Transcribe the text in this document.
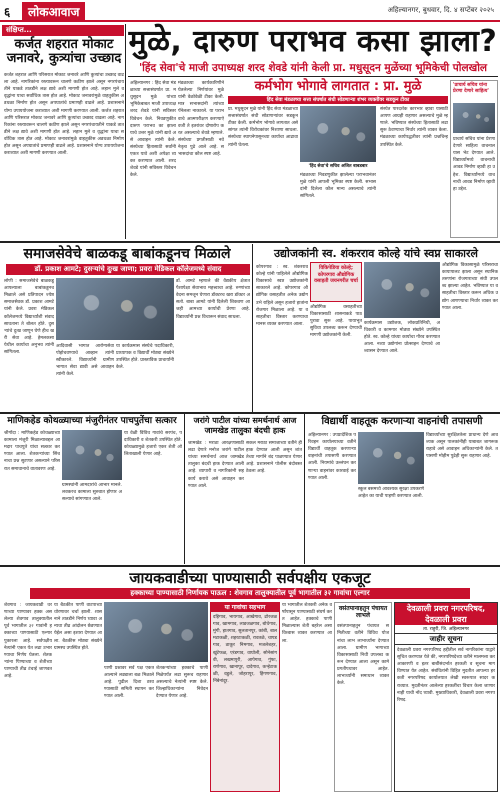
६	लोकआवाज	अहिल्यानगर, बुधवार, दि. ४ सप्टेंबर २०२५
संक्षिप्त...
कर्जत शहरात मोकाट जनावरे, कुत्र्यांचा उच्छाद
कर्जत शहरात आणि परिसरात मोकाट जनावरे आणि कुत्र्यांचा उच्छाद वाढला आहे. नागरिकांना रस्त्यावरून चालणे कठीण झाले असून नगरपंचायतीने याकडे तातडीने लक्ष द्यावे अशी मागणी होत आहे. लहान मुले व वृद्धांना याचा सर्वाधिक त्रास होत आहे. मोकाट जनावरांमुळे वाहतुकीस अडथळा निर्माण होत असून अपघातांचे प्रमाणही वाढले आहे. प्रशासनाने योग्य उपाययोजना कराव्यात अशी मागणी करण्यात आली. कर्जत शहरात आणि परिसरात मोकाट जनावरे आणि कुत्र्यांचा उच्छाद वाढला आहे. नागरिकांना रस्त्यावरून चालणे कठीण झाले असून नगरपंचायतीने याकडे तातडीने लक्ष द्यावे अशी मागणी होत आहे. लहान मुले व वृद्धांना याचा सर्वाधिक त्रास होत आहे. मोकाट जनावरांमुळे वाहतुकीस अडथळा निर्माण होत असून अपघातांचे प्रमाणही वाढले आहे. प्रशासनाने योग्य उपाययोजना कराव्यात अशी मागणी करण्यात आली.
मुळे, दारुण पराभव कसा झाला?
'हिंद सेवा'चे माजी उपाध्यक्ष शरद शेवडे यांनी केली प्रा. मधुसूदन मुळेंच्या भूमिकेची पोलखोल
अहिल्यानगर : हिंद सेवा मंडळाच्या सत्तासंघर्षात प्रा. मधुसूदन मुळे यांच्या भूमिकेबाबत माजी उपाध्यक्ष शरद शेवडे यांनी सविस्तर विवेचन केले. निवडणुकीत दारुण पराभव का झाला याचे उत्तर मुळे यांनी द्यावे असे आवाहन त्यांनी केले. संस्थेच्या हितासाठी सर्वांनी एकत्र यावे अशी अपेक्षा व्यक्त करण्यात आली. शरद शेवडे यांनी सविस्तर विवेचन केले.
मंडळाच्या कार्यकारिणीने घेतलेल्या निर्णयांवर मुळे यांनी वेळोवेळी टीका केली. मात्र सभासदांनी त्यांच्या पॅनेलला नाकारले. या पराभवाचे आत्मपरीक्षण करण्याऐवजी ते इतरांवर दोषारोप करत असल्याचे शेवडे म्हणाले. संस्थेच्या प्रगतीसाठी नवे नेतृत्व पुढे आले आहे. सभासदांचा कौल स्पष्ट आहे.
कर्मभोग भोगावे लागतात : प्रा. मुळे
हिंद सेवा मंडळाच्या सत्ता संघर्षात संधी सोडणाऱ्या शंभर व्यक्तींवर सडकून टीका
प्रा. मधुसूदन मुळे यांनी हिंद सेवा मंडळाच्या सत्तासंघर्षात संधी सोडणाऱ्यांवर सडकून टीका केली. कर्मभोग भोगावे लागतात असे सांगत त्यांनी विरोधकांवर निशाणा साधला. संस्थेच्या स्थापनेपासूनच्या कार्याचा आढावा त्यांनी घेतला.
'हिंद सेवा'चे सचिव अजित बाबडबार
मंडळाच्या निवडणुकीत झालेल्या पराभवानंतर मुळे यांनी आपली भूमिका स्पष्ट केली. सभासदांनी दिलेला कौल मान्य असल्याचे त्यांनी सांगितले.
संस्थेत पारदर्शक कारभार व्हावा यासाठी आपण आग्रही राहणार असल्याचे मुळे म्हणाले. भविष्यात संस्थेच्या हितासाठी लढा सुरू ठेवण्याचा निर्धार त्यांनी व्यक्त केला. मंडळाच्या कार्यपद्धतीवर त्यांनी प्रश्नचिन्ह उपस्थित केले.
'प्राचार्य सचिव यांना प्रेरणा देणारे साहित्य'
प्राचार्य सचिव यांना प्रेरणा देणारे साहित्य वाचनालयास भेट देण्यात आले. विद्यार्थ्यांमध्ये वाचनाची आवड निर्माण व्हावी हा उद्देश. विद्यार्थ्यांमध्ये वाचनाची आवड निर्माण व्हावी हा उद्देश.
समाजसेवेचे बाळकडू बाबांकडूनच मिळाले
डॉ. प्रकाश आमटे; दुसऱ्यांचे दुःख जाणा; प्रवरा मेडिकल कॉलेजमध्ये संवाद
लोणी : समाजसेवेचे बाळकडू आपल्याला बाबांकडूनच मिळाले असे प्रतिपादन ज्येष्ठ समाजसेवक डॉ. प्रकाश आमटे यांनी केले. प्रवरा मेडिकल कॉलेजमध्ये विद्यार्थ्यांशी संवाद साधताना ते बोलत होते. दुसऱ्यांचे दुःख जाणून घेणे हीच खरी सेवा आहे. हेमलकसा येथील कार्याचा अनुभव त्यांनी सांगितला.
आदिवासी भागात आरोग्यसेवा पोहोचवण्याचे आव्हान त्यांनी स्वीकारले. विद्यार्थ्यांनी ग्रामीण भागात सेवा द्यावी असे आवाहन त्यांनी केले.
या कार्यक्रमास संस्थेचे पदाधिकारी, प्राध्यापक व विद्यार्थी मोठ्या संख्येने उपस्थित होते. प्रास्ताविक प्राचार्यांनी केले.
डॉ. आमटे म्हणाले की वैद्यकीय क्षेत्रात पैशापेक्षा सेवाभाव महत्त्वाचा आहे. रुग्णांच्या वेदना समजून घेणारा डॉक्टरच खरा डॉक्टर असतो. बाबा आमटे यांनी दिलेली शिकवण आजही आमच्या कार्याची प्रेरणा आहे. विद्यार्थ्यांनी प्रश्न विचारून संवाद साधला.
उद्योजकांनी स्व. शंकरराव कोल्हे यांचे स्वप्न साकारले
कोपरगाव : स्व. शंकरराव कोल्हे यांनी पाहिलेले औद्योगिक विकासाचे स्वप्न उद्योजकांनी साकारले आहे. कोपरगाव औद्योगिक वसाहतीत अनेक उद्योग उभे राहिले असून हजारो हातांना रोजगार मिळाला आहे. या वसाहतीचा विस्तार करण्याचा मानस व्यक्त करण्यात आला.
विकिपेडिया कोल्हे; कोपरगाव औद्योगिक वसाहती जयनगरीत चर्चा
औद्योगिक वसाहतीच्या विकासासाठी शासनाकडे पाठपुरावा सुरू आहे. पायाभूत सुविधा उपलब्ध करून देण्याची मागणी उद्योजकांनी केली.
कार्यक्रमास उद्योजक, लोकप्रतिनिधी, अधिकारी व कामगार मोठ्या संख्येने उपस्थित होते. स्व. कोल्हे यांच्या कार्याचा गौरव करण्यात आला. नव्या उद्योगांना प्रोत्साहन देण्याचे आश्वासन देण्यात आले.
औद्योगिक विकासामुळे परिसराचा कायापालट झाला असून स्थानिक तरुणांना रोजगाराच्या संधी उपलब्ध झाल्या आहेत. भविष्यात या वसाहतीचा विस्तार करून अधिक उद्योग आणण्याचा निर्धार व्यक्त करण्यात आला.
माणिकहेड कोथळ्याच्या मंजुरीनंतर पाचपुतेंचा सत्कार
श्रीगोंदा : माणिकहेड कोथळ्याच्या कामाला मंजुरी मिळाल्याबद्दल आमदार पाचपुते यांचा सत्कार करण्यात आला. शेतकऱ्यांच्या सिंचनाचा प्रश्न सुटणार असल्याने परिसरात समाधानाचे वातावरण आहे.
ग्रामस्थांनी आमदारांचे आभार मानले. लवकरच कामाला सुरुवात होणार असल्याचे सांगण्यात आले.
या वेळी विविध गावांचे सरपंच, पदाधिकारी व शेतकरी उपस्थित होते. कोथळ्यामुळे हजारो एकर शेती ओलिताखाली येणार आहे.
जरांगे पाटील यांच्या समर्थनार्थ आज जामखेड तालुका बंदची हाक
जामखेड : मराठा आरक्षणासाठी लढा देणारे मनोज जरांगे पाटील यांच्या समर्थनार्थ आज जामखेड तालुका बंदची हाक देण्यात आली आहे. व्यापारी व नागरिकांनी सहकार्य करावे असे आवाहन करण्यात आले.
सकल मराठा समाजाच्या वतीने ही हाक देण्यात आली असून शांततेच्या मार्गाने बंद पाळण्यात येणार आहे. प्रशासनाने पोलीस बंदोबस्त ठेवला आहे.
विद्यार्थी वाहतूक करणाऱ्या वाहनांची तपासणी
अहिल्यानगर : उपप्रादेशिक परिवहन कार्यालयाच्या वतीने विद्यार्थी वाहतूक करणाऱ्या वाहनांची तपासणी करण्यात आली. नियमांचे उल्लंघन करणाऱ्या वाहनांवर कारवाई करण्यात आली.
स्कूल बसमध्ये आवश्यक सुरक्षा उपकरणे आहेत का याची पाहणी करण्यात आली.
विद्यार्थ्यांच्या सुरक्षिततेला प्राधान्य देणे आवश्यक असून पालकांनीही याबाबत जागरूक राहावे असे आवाहन अधिकाऱ्यांनी केले. तपासणी मोहीम पुढेही सुरू राहणार आहे.
जायकवाडीच्या पाण्यासाठी सर्वपक्षीय एकजूट
हक्काच्या पाण्यासाठी निर्णायक पाऊल : शेवगाव तालुक्यातील पूर्व भागातील ३२ गावांचा एल्गार
शेवगाव : जायकवाडी धरणाच्या पाण्यावर हक्क असलेल्या शेवगाव तालुक्यातील पूर्व भागातील ३२ गावांनी हक्काच्या पाण्यासाठी एल्गार पुकारला आहे. सर्वपक्षीय नेत्यांनी एकत्र येत लढा उभारण्याचा निर्णय घेतला. शेतकऱ्यांना पिण्याच्या व शेतीच्या पाण्याची तीव्र टंचाई जाणवत आहे.
या बैठकीत पाणी वाटपाच्या धोरणावर चर्चा झाली. शासनाने तातडीने निर्णय घ्यावा अन्यथा तीव्र आंदोलन छेडण्यात येईल असा इशारा देण्यात आला. बैठकीस मोठ्या संख्येने ग्रामस्थ उपस्थित होते.
पाणी प्रश्नावर सर्व पक्ष एकत्र आल्याने लढ्याला बळ मिळाले आहे. पुढील दिशा ठरवण्यासाठी समिती स्थापन करण्यात आली.
शेतकऱ्यांच्या हक्काचे पाणी मिळेपर्यंत लढा सुरूच राहणार असल्याचे नेत्यांनी स्पष्ट केले. जिल्हाधिकाऱ्यांना निवेदन देण्यात येणार आहे.
या गावांचा सहभाग
दहिगाव, भायगाव, आखेगाव, ढोरजळगाव, खामगाव, लाडजळगाव, बोधेगाव, मुंगी, हातगाव, सुलतानपूर, कांबी, बालमटाकळी, शहरटाकळी, रावतळे, चापडगाव, ठाकूर निमगाव, मजलेशहर, खुंटेफळ, एरंडगाव, वाघोली, सोनेसांगवी, लखमापुरी, आपेगाव, गुंफा, राणेगाव, खानापूर, दादेगाव, कऱ्हेटाकळी, वडुले, जोहरापूर, हिंगणगाव, निंबेनांदूर.
या भागातील शेतकरी अनेक वर्षांपासून पाण्यासाठी संघर्ष करत आहेत. हक्काचे पाणी मिळाल्यास शेती बहरेल असा विश्वास व्यक्त करण्यात आला.
वसंतपानाहतुन पंचायत लाभले
वसंतपानाहतुन पंचायत समितीच्या वतीने विविध योजनांचा लाभ लाभार्थ्यांना देण्यात आला. ग्रामीण भागाच्या विकासासाठी निधी उपलब्ध करून देण्यात आला असून कामे प्रगतीपथावर आहेत. लाभार्थ्यांनी समाधान व्यक्त केले.
देवळाली प्रवरा नगरपरिषद, देवळाली प्रवरा
ता. राहुरी, जि. अहिल्यानगर
जाहीर सूचना
देवळाली प्रवरा नगरपरिषद हद्दीतील सर्व नागरिकांना याद्वारे सूचित करण्यात येते की, नगरपरिषदेच्या वतीने मालमत्ता कर आकारणी व इतर बाबींसंदर्भात हरकती व सूचना मागविण्यात येत आहेत. संबंधितांनी विहित मुदतीत आपल्या हरकती नगरपरिषद कार्यालयात लेखी स्वरूपात सादर कराव्यात. मुदतीनंतर आलेल्या हरकतींचा विचार केला जाणार नाही याची नोंद घ्यावी. मुख्याधिकारी, देवळाली प्रवरा नगरपरिषद.
